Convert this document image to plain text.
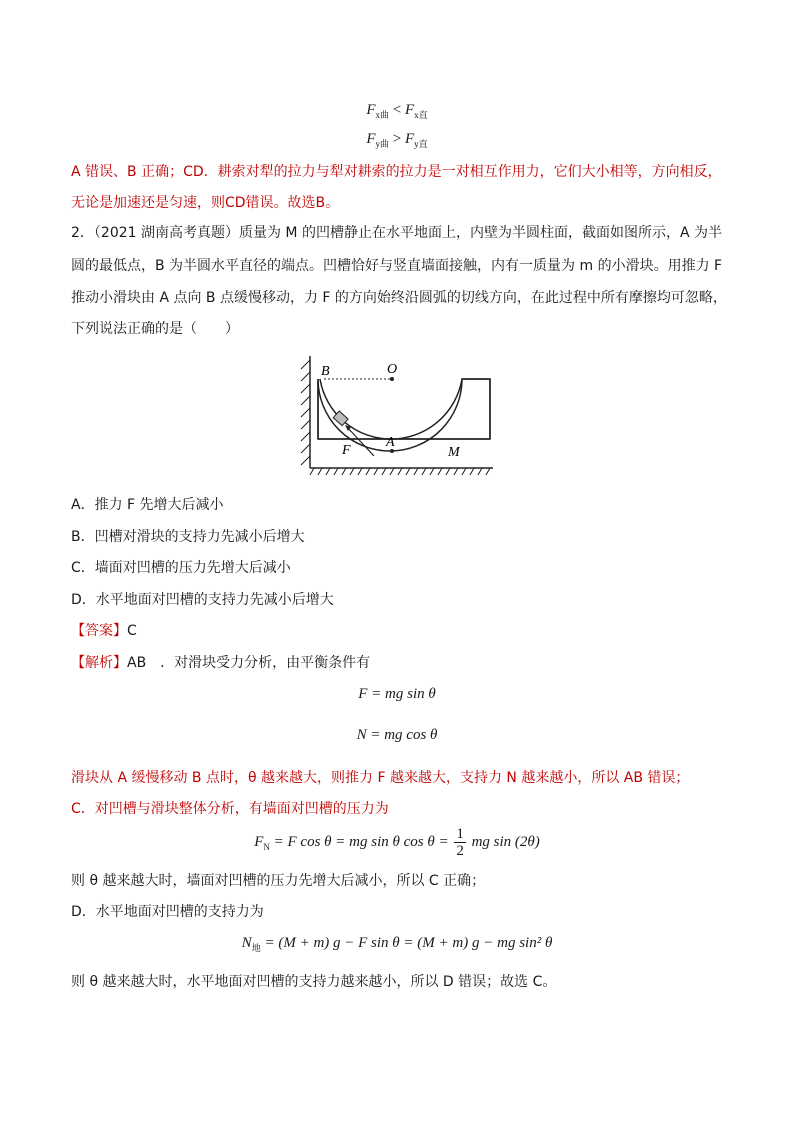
$F_{x曲} < F_{x直}$
$F_{y曲} > F_{y直}$
A 错误、B 正确；CD．耕索对犁的拉力与犁对耕索的拉力是一对相互作用力，它们大小相等，方向相反，
无论是加速还是匀速，则CD错误。故选B。
2．（2021 湖南高考真题）质量为 M 的凹槽静止在水平地面上，内壁为半圆柱面，截面如图所示，A 为半
圆的最低点，B 为半圆水平直径的端点。凹槽恰好与竖直墙面接触，内有一质量为 m 的小滑块。用推力 F
推动小滑块由 A 点向 B 点缓慢移动，力 F 的方向始终沿圆弧的切线方向，在此过程中所有摩擦均可忽略，
下列说法正确的是（　　）
B	O
A
F	M
A．推力 F 先增大后减小
B．凹槽对滑块的支持力先减小后增大
C．墙面对凹槽的压力先增大后减小
D．水平地面对凹槽的支持力先减小后增大
【答案】C
【解析】AB　．对滑块受力分析，由平衡条件有
F = mg sin θ
N = mg cos θ
滑块从 A 缓慢移动 B 点时，θ 越来越大，则推力 F 越来越大，支持力 N 越来越小，所以 AB 错误；
C．对凹槽与滑块整体分析，有墙面对凹槽的压力为
$F_N = F$ cos θ = mg sin θ $\cos \theta = \frac{1}{2}$ mg sin (2θ)
则 θ 越来越大时，墙面对凹槽的压力先增大后减小，所以 C 正确；
D．水平地面对凹槽的支持力为
$N_地 = (M + m) g - F$ sin θ = (M + m) g − mg sin² θ
则 θ 越来越大时，水平地面对凹槽的支持力越来越小，所以 D 错误；故选 C。
